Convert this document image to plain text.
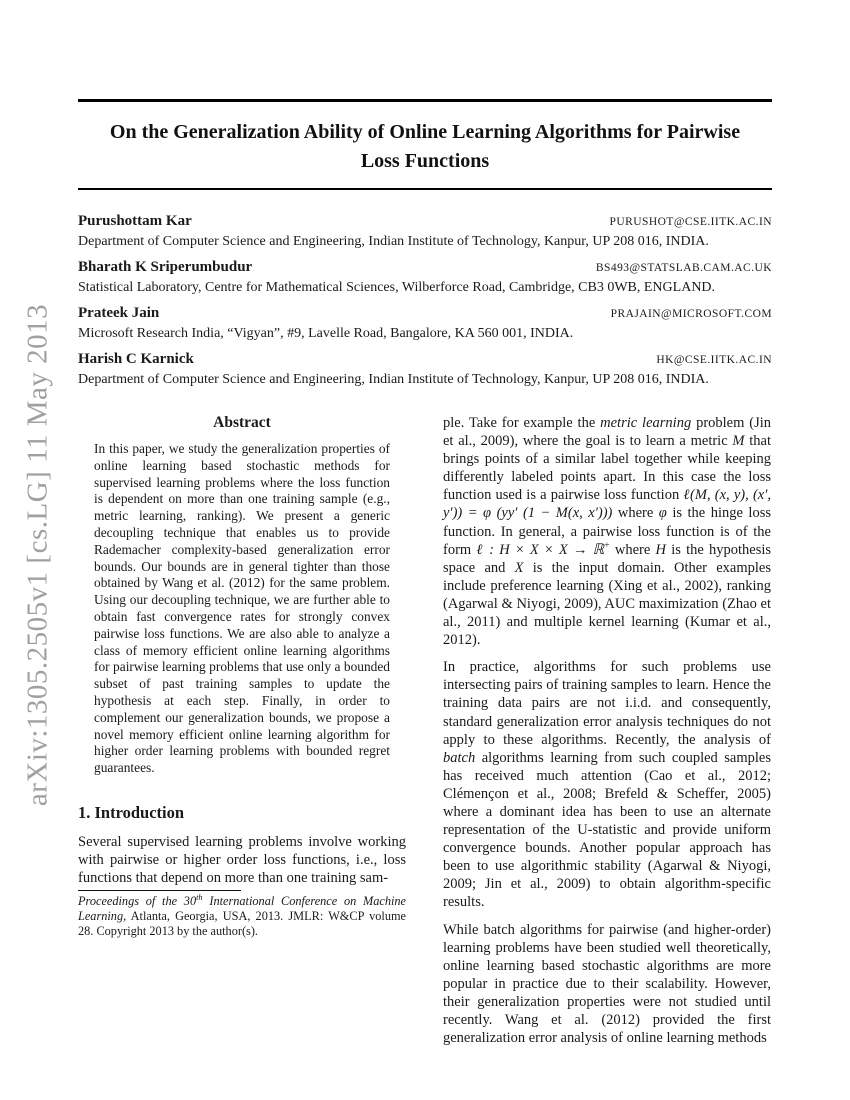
arXiv:1305.2505v1 [cs.LG] 11 May 2013
On the Generalization Ability of Online Learning Algorithms for Pairwise Loss Functions
Purushottam Kar	PURUSHOT@CSE.IITK.AC.IN
Department of Computer Science and Engineering, Indian Institute of Technology, Kanpur, UP 208 016, INDIA.
Bharath K Sriperumbudur	BS493@STATSLAB.CAM.AC.UK
Statistical Laboratory, Centre for Mathematical Sciences, Wilberforce Road, Cambridge, CB3 0WB, ENGLAND.
Prateek Jain	PRAJAIN@MICROSOFT.COM
Microsoft Research India, “Vigyan”, #9, Lavelle Road, Bangalore, KA 560 001, INDIA.
Harish C Karnick	HK@CSE.IITK.AC.IN
Department of Computer Science and Engineering, Indian Institute of Technology, Kanpur, UP 208 016, INDIA.
Abstract

In this paper, we study the generalization properties of online learning based stochastic methods for supervised learning problems where the loss function is dependent on more than one training sample (e.g., metric learning, ranking). We present a generic decoupling technique that enables us to provide Rademacher complexity-based generalization error bounds. Our bounds are in general tighter than those obtained by Wang et al. (2012) for the same problem. Using our decoupling technique, we are further able to obtain fast convergence rates for strongly convex pairwise loss functions. We are also able to analyze a class of memory efficient online learning algorithms for pairwise learning problems that use only a bounded subset of past training samples to update the hypothesis at each step. Finally, in order to complement our generalization bounds, we propose a novel memory efficient online learning algorithm for higher order learning problems with bounded regret guarantees.

1. Introduction

Several supervised learning problems involve working with pairwise or higher order loss functions, i.e., loss functions that depend on more than one training sam-

Proceedings of the 30th International Conference on Machine Learning, Atlanta, Georgia, USA, 2013. JMLR: W&CP volume 28. Copyright 2013 by the author(s).

ple. Take for example the metric learning problem (Jin et al., 2009), where the goal is to learn a metric M that brings points of a similar label together while keeping differently labeled points apart. In this case the loss function used is a pairwise loss function ℓ(M, (x, y), (x′, y′)) = φ (yy′ (1 − M(x, x′))) where φ is the hinge loss function. In general, a pairwise loss function is of the form ℓ : H × X × X → ℝ+ where H is the hypothesis space and X is the input domain. Other examples include preference learning (Xing et al., 2002), ranking (Agarwal & Niyogi, 2009), AUC maximization (Zhao et al., 2011) and multiple kernel learning (Kumar et al., 2012).

In practice, algorithms for such problems use intersecting pairs of training samples to learn. Hence the training data pairs are not i.i.d. and consequently, standard generalization error analysis techniques do not apply to these algorithms. Recently, the analysis of batch algorithms learning from such coupled samples has received much attention (Cao et al., 2012; Clémençon et al., 2008; Brefeld & Scheffer, 2005) where a dominant idea has been to use an alternate representation of the U-statistic and provide uniform convergence bounds. Another popular approach has been to use algorithmic stability (Agarwal & Niyogi, 2009; Jin et al., 2009) to obtain algorithm-specific results.

While batch algorithms for pairwise (and higher-order) learning problems have been studied well theoretically, online learning based stochastic algorithms are more popular in practice due to their scalability. However, their generalization properties were not studied until recently. Wang et al. (2012) provided the first generalization error analysis of online learning methods
